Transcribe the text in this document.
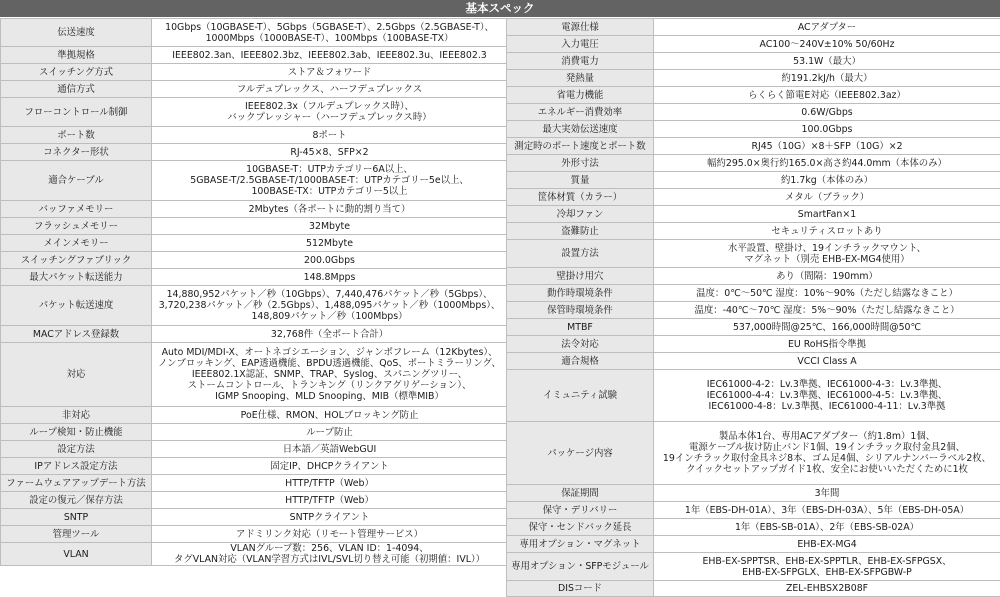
基本スペック
伝送速度	10Gbps（10GBASE-T）、5Gbps（5GBASE-T）、2.5Gbps（2.5GBASE-T）、
1000Mbps（1000BASE-T）、100Mbps（100BASE-TX）
準拠規格	IEEE802.3an、IEEE802.3bz、IEEE802.3ab、IEEE802.3u、IEEE802.3
スイッチング方式	ストア＆フォワード
通信方式	フルデュプレックス、ハーフデュプレックス
フローコントロール制御	IEEE802.3x（フルデュプレックス時）、
バックプレッシャー（ハーフデュプレックス時）
ポート数	8ポート
コネクター形状	RJ-45×8、SFP×2
適合ケーブル	10GBASE-T：UTPカテゴリー6A以上、
5GBASE-T/2.5GBASE-T/1000BASE-T：UTPカテゴリー5e以上、
100BASE-TX：UTPカテゴリー5以上
バッファメモリー	2Mbytes（各ポートに動的割り当て）
フラッシュメモリー	32Mbyte
メインメモリー	512Mbyte
スイッチングファブリック	200.0Gbps
最大パケット転送能力	148.8Mpps
パケット転送速度	14,880,952パケット／秒（10Gbps）、7,440,476パケット／秒（5Gbps）、
3,720,238パケット／秒（2.5Gbps）、1,488,095パケット／秒（1000Mbps）、
148,809パケット／秒（100Mbps）
MACアドレス登録数	32,768件（全ポート合計）
対応	Auto MDI/MDI-X、オートネゴシエーション、ジャンボフレーム（12Kbytes）、
ノンブロッキング、EAP透過機能、BPDU透過機能、QoS、ポートミラーリング、
IEEE802.1X認証、SNMP、TRAP、Syslog、スパニングツリー、
ストームコントロール、トランキング（リンクアグリゲーション）、
IGMP Snooping、MLD Snooping、MIB（標準MIB）
非対応	PoE仕様、RMON、HOLブロッキング防止
ループ検知・防止機能	ループ防止
設定方法	日本語／英語WebGUI
IPアドレス設定方法	固定IP、DHCPクライアント
ファームウェアアップデート方法	HTTP/TFTP（Web）
設定の復元／保存方法	HTTP/TFTP（Web）
SNTP	SNTPクライアント
管理ツール	アドミリンク対応（リモート管理サービス）
VLAN	VLANグループ数：256、VLAN ID：1-4094、
タグVLAN対応（VLAN学習方式はIVL/SVL切り替え可能（初期値：IVL））
電源仕様	ACアダプター
入力電圧	AC100～240V±10% 50/60Hz
消費電力	53.1W（最大）
発熱量	約191.2kJ/h（最大）
省電力機能	らくらく節電E対応（IEEE802.3az）
エネルギー消費効率	0.6W/Gbps
最大実効伝送速度	100.0Gbps
測定時のポート速度とポート数	RJ45（10G）×8＋SFP（10G）×2
外形寸法	幅約295.0×奥行約165.0×高さ約44.0mm（本体のみ）
質量	約1.7kg（本体のみ）
筐体材質（カラー）	メタル（ブラック）
冷却ファン	SmartFan×1
盗難防止	セキュリティスロットあり
設置方法	水平設置、壁掛け、19インチラックマウント、
マグネット（別売 EHB-EX-MG4使用）
壁掛け用穴	あり（間隔：190mm）
動作時環境条件	温度：0℃～50℃ 湿度：10%～90%（ただし結露なきこと）
保管時環境条件	温度：-40℃～70℃ 湿度：5%～90%（ただし結露なきこと）
MTBF	537,000時間@25℃、166,000時間@50℃
法令対応	EU RoHS指令準拠
適合規格	VCCI Class A
イミュニティ試験	IEC61000-4-2：Lv.3準拠、IEC61000-4-3：Lv.3準拠、
IEC61000-4-4：Lv.3準拠、IEC61000-4-5：Lv.3準拠、
IEC61000-4-8：Lv.3準拠、IEC61000-4-11：Lv.3準拠
パッケージ内容	製品本体1台、専用ACアダプター（約1.8m）1個、
電源ケーブル抜け防止バンド1個、19インチラック取付金具2個、
19インチラック取付金具ネジ8本、ゴム足4個、シリアルナンバーラベル2枚、
クイックセットアップガイド1枚、安全にお使いいただくために1枚
保証期間	3年間
保守・デリバリー	1年（EBS-DH-01A）、3年（EBS-DH-03A）、5年（EBS-DH-05A）
保守・センドバック延長	1年（EBS-SB-01A）、2年（EBS-SB-02A）
専用オプション・マグネット	EHB-EX-MG4
専用オプション・SFPモジュール	EHB-EX-SPPTSR、EHB-EX-SPPTLR、EHB-EX-SFPGSX、
EHB-EX-SFPGLX、EHB-EX-SFPGBW-P
DISコード	ZEL-EHBSX2B08F
